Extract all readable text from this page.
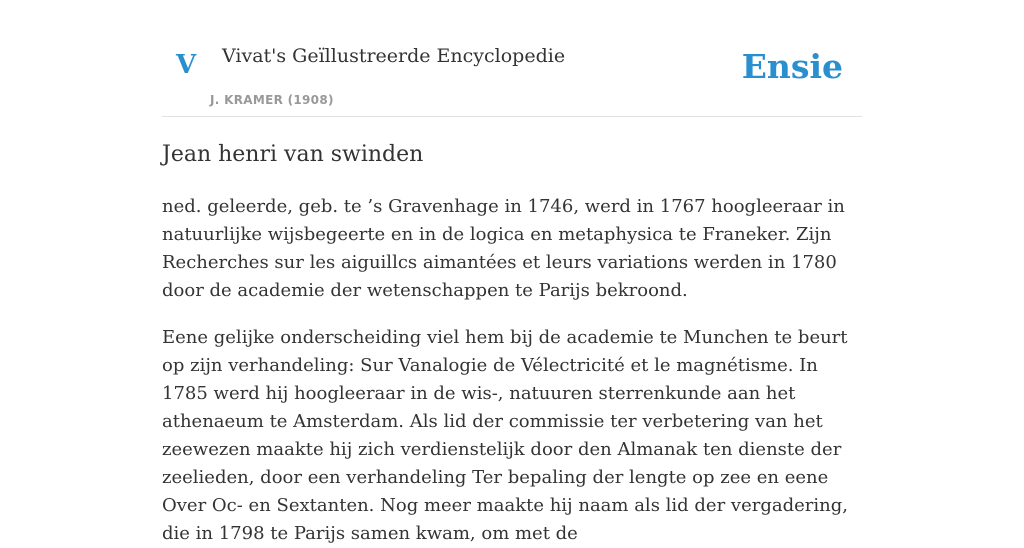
V Vivat's Geïllustreerde Encyclopedie
J. KRAMER (1908)
Ensie
Jean henri van swinden

ned. geleerde, geb. te ’s Gravenhage in 1746, werd in 1767 hoogleeraar in natuurlijke wijsbegeerte en in de logica en metaphysica te Franeker. Zijn Recherches sur les aiguillcs aimantées et leurs variations werden in 1780 door de academie der wetenschappen te Parijs bekroond.

Eene gelijke onderscheiding viel hem bij de academie te Munchen te beurt op zijn verhandeling: Sur Vanalogie de Vélectricité et le magnétisme. In 1785 werd hij hoogleeraar in de wis-, natuuren sterrenkunde aan het athenaeum te Amsterdam. Als lid der commissie ter verbetering van het zeewezen maakte hij zich verdienstelijk door den Almanak ten dienste der zeelieden, door een verhandeling Ter bepaling der lengte op zee en eene Over Oc- en Sextanten. Nog meer maakte hij naam als lid der vergadering, die in 1798 te Parijs samen kwam, om met de
